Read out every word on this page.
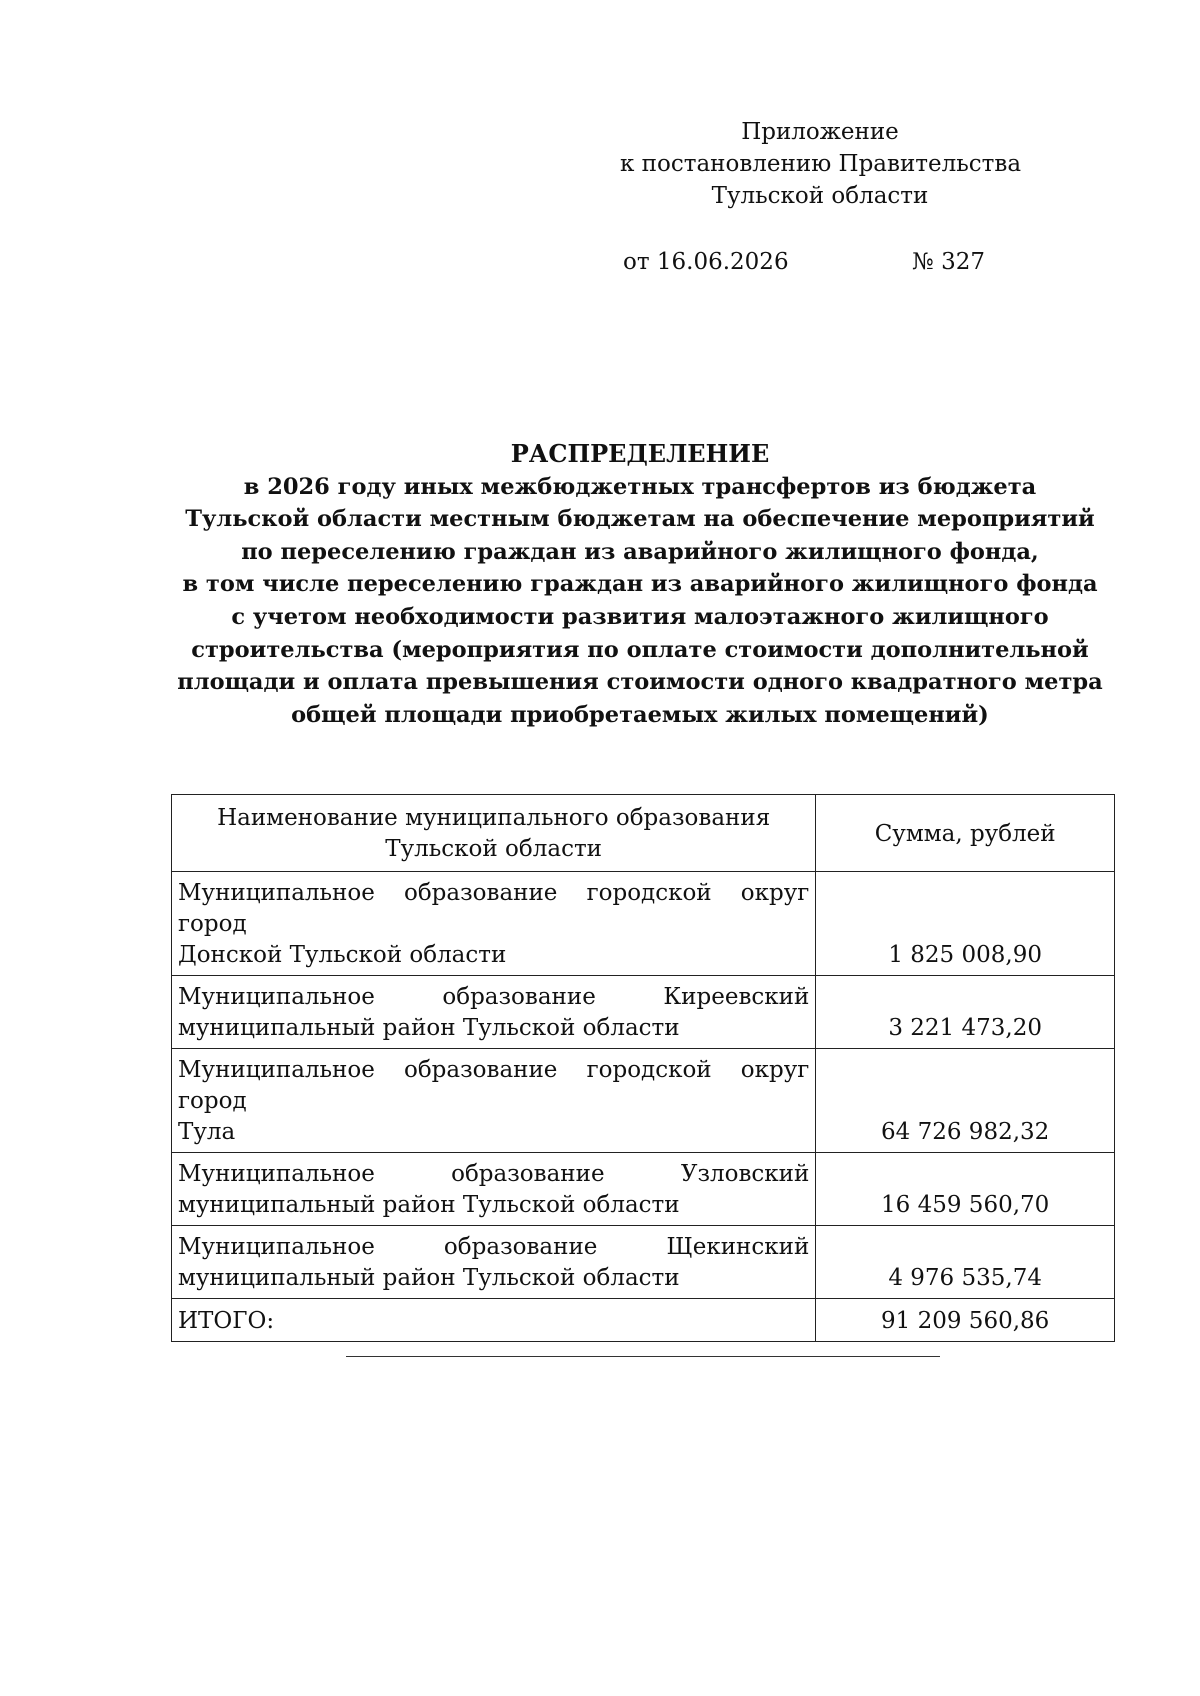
Приложение
к постановлению Правительства
Тульской области
от 16.06.2026	№ 327
РАСПРЕДЕЛЕНИЕ
в 2026 году иных межбюджетных трансфертов из бюджета
Тульской области местным бюджетам на обеспечение мероприятий
по переселению граждан из аварийного жилищного фонда,
в том числе переселению граждан из аварийного жилищного фонда
с учетом необходимости развития малоэтажного жилищного
строительства (мероприятия по оплате стоимости дополнительной
площади и оплата превышения стоимости одного квадратного метра
общей площади приобретаемых жилых помещений)
Наименование муниципального образования
Тульской области	Сумма, рублей

Муниципальное образование городской округ город
Донской Тульской области	1 825 008,90

Муниципальное образование Киреевский
муниципальный район Тульской области	3 221 473,20

Муниципальное образование городской округ город
Тула	64 726 982,32

Муниципальное образование Узловский
муниципальный район Тульской области	16 459 560,70

Муниципальное образование Щекинский
муниципальный район Тульской области	4 976 535,74
ИТОГО:	91 209 560,86
